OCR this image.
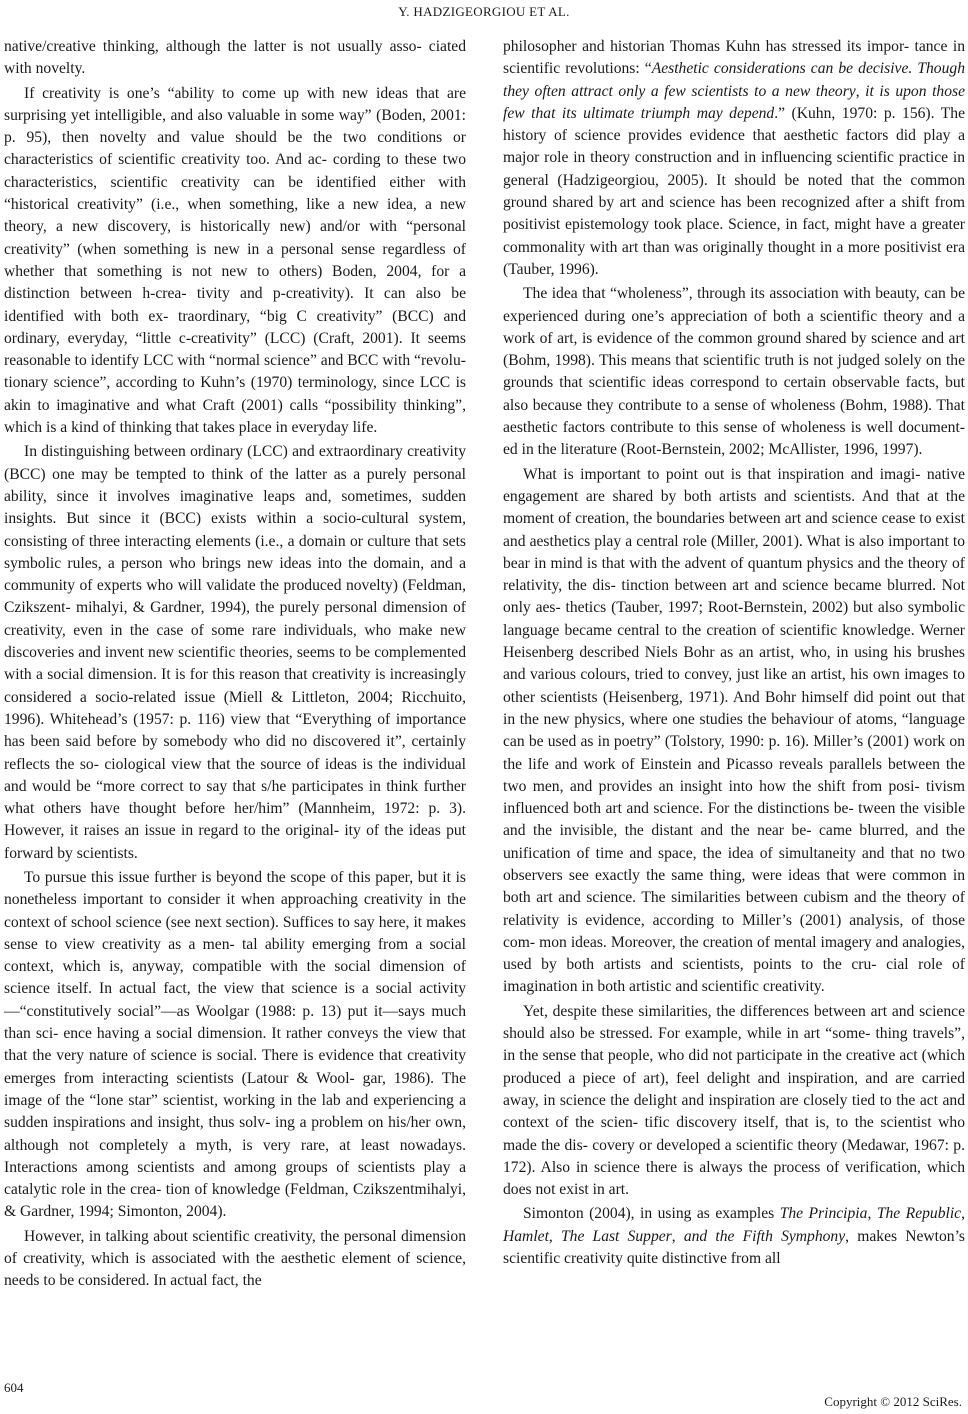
Y. HADZIGEORGIOU ET AL.

native/creative thinking, although the latter is not usually asso- ciated with novelty.

If creativity is one’s “ability to come up with new ideas that are surprising yet intelligible, and also valuable in some way” (Boden, 2001: p. 95), then novelty and value should be the two conditions or characteristics of scientific creativity too. And ac- cording to these two characteristics, scientific creativity can be identified either with “historical creativity” (i.e., when something, like a new idea, a new theory, a new discovery, is historically new) and/or with “personal creativity” (when something is new in a personal sense regardless of whether that something is not new to others) Boden, 2004, for a distinction between h-crea- tivity and p-creativity). It can also be identified with both ex- traordinary, “big C creativity” (BCC) and ordinary, everyday, “little c-creativity” (LCC) (Craft, 2001). It seems reasonable to identify LCC with “normal science” and BCC with “revolu- tionary science”, according to Kuhn’s (1970) terminology, since LCC is akin to imaginative and what Craft (2001) calls “possibility thinking”, which is a kind of thinking that takes place in everyday life.

In distinguishing between ordinary (LCC) and extraordinary creativity (BCC) one may be tempted to think of the latter as a purely personal ability, since it involves imaginative leaps and, sometimes, sudden insights. But since it (BCC) exists within a socio-cultural system, consisting of three interacting elements (i.e., a domain or culture that sets symbolic rules, a person who brings new ideas into the domain, and a community of experts who will validate the produced novelty) (Feldman, Czikszent- mihalyi, & Gardner, 1994), the purely personal dimension of creativity, even in the case of some rare individuals, who make new discoveries and invent new scientific theories, seems to be complemented with a social dimension. It is for this reason that creativity is increasingly considered a socio-related issue (Miell & Littleton, 2004; Ricchuito, 1996). Whitehead’s (1957: p. 116) view that “Everything of importance has been said before by somebody who did no discovered it”, certainly reflects the so- ciological view that the source of ideas is the individual and would be “more correct to say that s/he participates in think further what others have thought before her/him” (Mannheim, 1972: p. 3). However, it raises an issue in regard to the original- ity of the ideas put forward by scientists.

To pursue this issue further is beyond the scope of this paper, but it is nonetheless important to consider it when approaching creativity in the context of school science (see next section). Suffices to say here, it makes sense to view creativity as a men- tal ability emerging from a social context, which is, anyway, compatible with the social dimension of science itself. In actual fact, the view that science is a social activity—“constitutively social”—as Woolgar (1988: p. 13) put it—says much than sci- ence having a social dimension. It rather conveys the view that that the very nature of science is social. There is evidence that creativity emerges from interacting scientists (Latour & Wool- gar, 1986). The image of the “lone star” scientist, working in the lab and experiencing a sudden inspirations and insight, thus solv- ing a problem on his/her own, although not completely a myth, is very rare, at least nowadays. Interactions among scientists and among groups of scientists play a catalytic role in the crea- tion of knowledge (Feldman, Czikszentmihalyi, & Gardner, 1994; Simonton, 2004).

However, in talking about scientific creativity, the personal dimension of creativity, which is associated with the aesthetic element of science, needs to be considered. In actual fact, the

philosopher and historian Thomas Kuhn has stressed its impor- tance in scientific revolutions: “Aesthetic considerations can be decisive. Though they often attract only a few scientists to a new theory, it is upon those few that its ultimate triumph may depend.” (Kuhn, 1970: p. 156). The history of science provides evidence that aesthetic factors did play a major role in theory construction and in influencing scientific practice in general (Hadzigeorgiou, 2005). It should be noted that the common ground shared by art and science has been recognized after a shift from positivist epistemology took place. Science, in fact, might have a greater commonality with art than was originally thought in a more positivist era (Tauber, 1996).

The idea that “wholeness”, through its association with beauty, can be experienced during one’s appreciation of both a scientific theory and a work of art, is evidence of the common ground shared by science and art (Bohm, 1998). This means that scientific truth is not judged solely on the grounds that scientific ideas correspond to certain observable facts, but also because they contribute to a sense of wholeness (Bohm, 1988). That aesthetic factors contribute to this sense of wholeness is well document- ed in the literature (Root-Bernstein, 2002; McAllister, 1996, 1997).

What is important to point out is that inspiration and imagi- native engagement are shared by both artists and scientists. And that at the moment of creation, the boundaries between art and science cease to exist and aesthetics play a central role (Miller, 2001). What is also important to bear in mind is that with the advent of quantum physics and the theory of relativity, the dis- tinction between art and science became blurred. Not only aes- thetics (Tauber, 1997; Root-Bernstein, 2002) but also symbolic language became central to the creation of scientific knowledge. Werner Heisenberg described Niels Bohr as an artist, who, in using his brushes and various colours, tried to convey, just like an artist, his own images to other scientists (Heisenberg, 1971). And Bohr himself did point out that in the new physics, where one studies the behaviour of atoms, “language can be used as in poetry” (Tolstory, 1990: p. 16). Miller’s (2001) work on the life and work of Einstein and Picasso reveals parallels between the two men, and provides an insight into how the shift from posi- tivism influenced both art and science. For the distinctions be- tween the visible and the invisible, the distant and the near be- came blurred, and the unification of time and space, the idea of simultaneity and that no two observers see exactly the same thing, were ideas that were common in both art and science. The similarities between cubism and the theory of relativity is evidence, according to Miller’s (2001) analysis, of those com- mon ideas. Moreover, the creation of mental imagery and analogies, used by both artists and scientists, points to the cru- cial role of imagination in both artistic and scientific creativity.

Yet, despite these similarities, the differences between art and science should also be stressed. For example, while in art “some- thing travels”, in the sense that people, who did not participate in the creative act (which produced a piece of art), feel delight and inspiration, and are carried away, in science the delight and inspiration are closely tied to the act and context of the scien- tific discovery itself, that is, to the scientist who made the dis- covery or developed a scientific theory (Medawar, 1967: p. 172). Also in science there is always the process of verification, which does not exist in art.

Simonton (2004), in using as examples The Principia, The Republic, Hamlet, The Last Supper, and the Fifth Symphony, makes Newton’s scientific creativity quite distinctive from all

604
Copyright © 2012 SciRes.
